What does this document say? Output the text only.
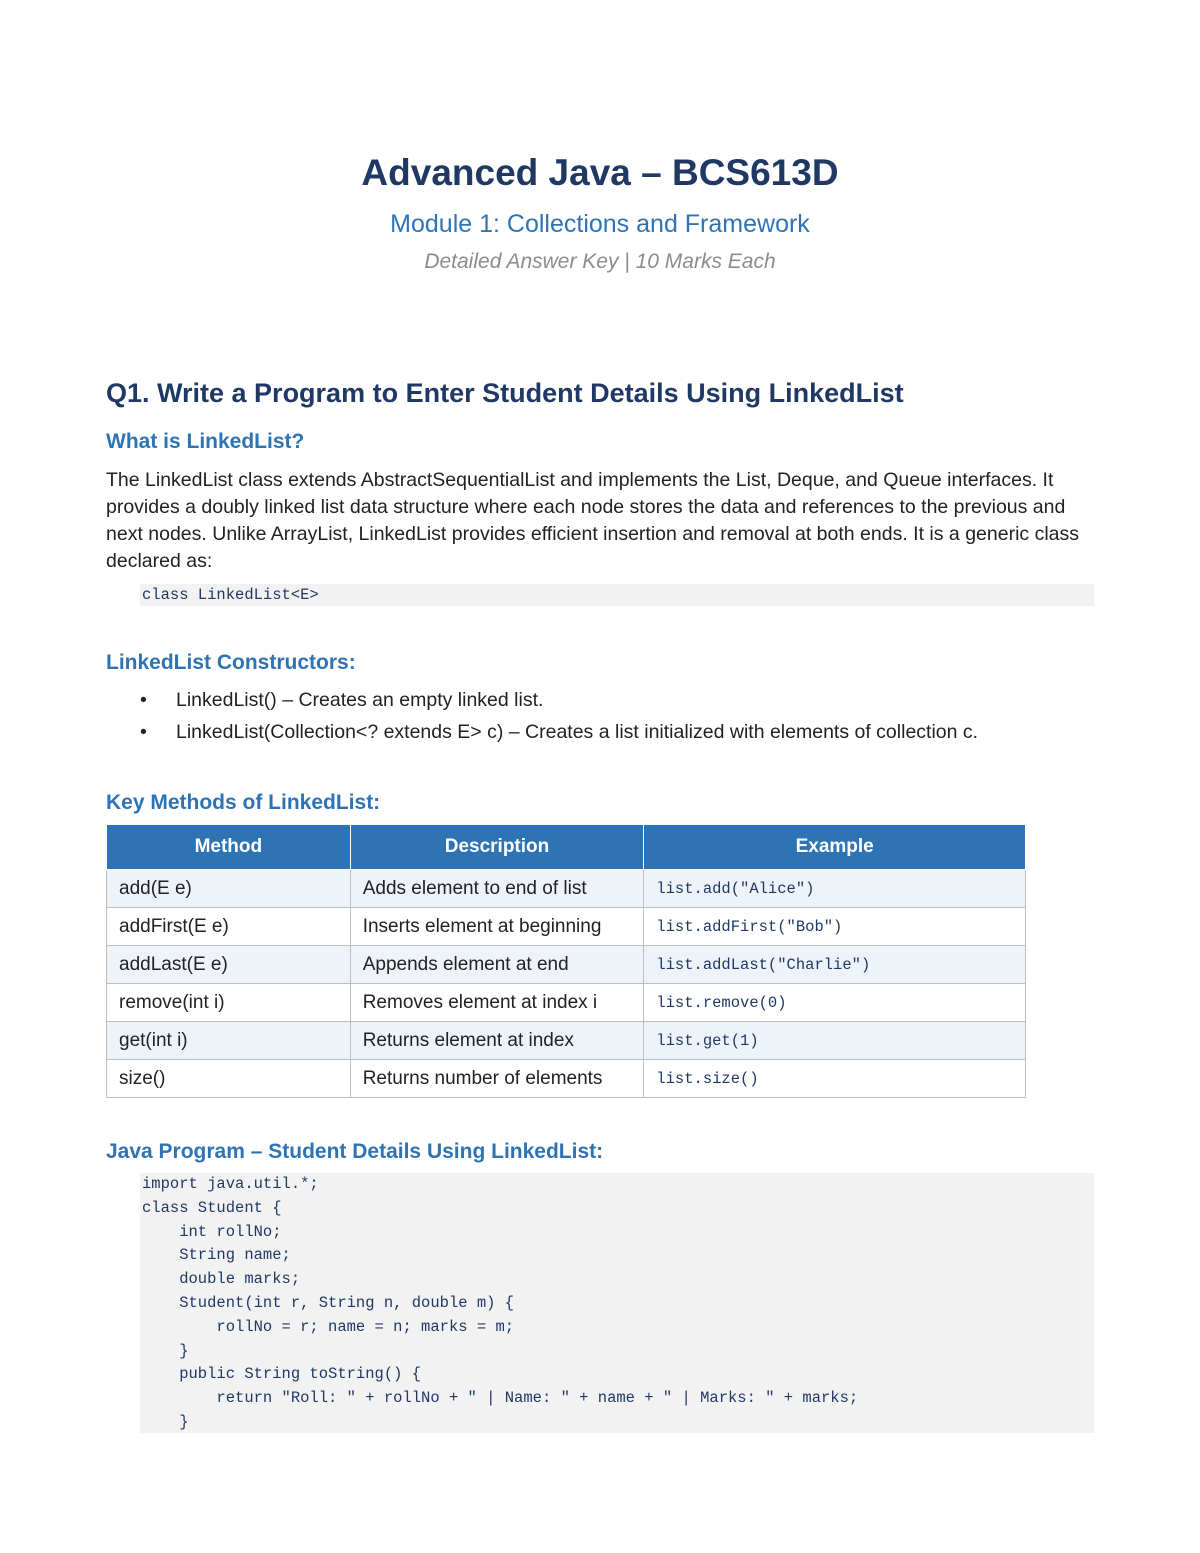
Advanced Java – BCS613D

Module 1: Collections and Framework

Detailed Answer Key | 10 Marks Each

Q1. Write a Program to Enter Student Details Using LinkedList
What is LinkedList?

The LinkedList class extends AbstractSequentialList and implements the List, Deque, and Queue interfaces. It provides a doubly linked list data structure where each node stores the data and references to the previous and next nodes. Unlike ArrayList, LinkedList provides efficient insertion and removal at both ends. It is a generic class declared as:

class LinkedList<E>
LinkedList Constructors:
• LinkedList() – Creates an empty linked list.
• LinkedList(Collection<? extends E> c) – Creates a list initialized with elements of collection c.
Key Methods of LinkedList:
Method	Description	Example
add(E e)	Adds element to end of list	list.add("Alice")
addFirst(E e)	Inserts element at beginning	list.addFirst("Bob")
addLast(E e)	Appends element at end	list.addLast("Charlie")
remove(int i)	Removes element at index i	list.remove(0)
get(int i)	Returns element at index	list.get(1)
size()	Returns number of elements	list.size()
Java Program – Student Details Using LinkedList:
import java.util.*;
class Student {
int rollNo;
String name;
double marks;
Student(int r, String n, double m) {
rollNo = r; name = n; marks = m;
}
public String toString() {
return "Roll: " + rollNo + " | Name: " + name + " | Marks: " + marks;
}
